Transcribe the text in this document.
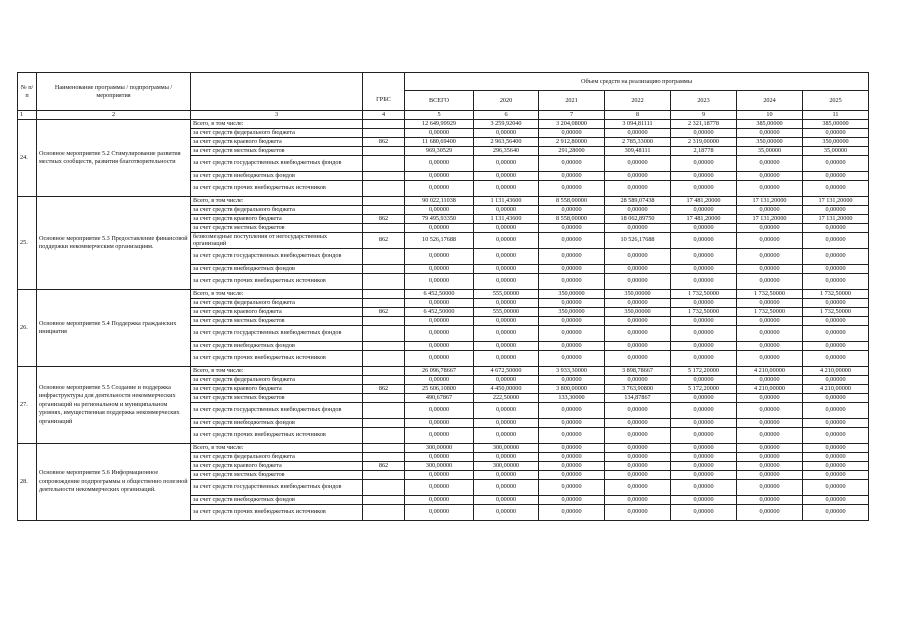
№ п/п	Наименование программы / подпрограммы / мероприятия			Объем средств на реализацию программы						
			ГРБС	ВСЕГО	2020	2021	2022	2023	2024	2025
1	2	3	4	5	6	7	8	9	10	11
24.	Основное мероприятие 5.2 Стимулирование развития местных сообществ, развития благотворительности	Всего, в том числе:		12 649,99929	3 259,92040	3 204,08000	3 094,81111	2 321,18778	385,00000	385,00000
		за счет средств федерального бюджета		0,00000	0,00000	0,00000	0,00000	0,00000	0,00000	0,00000
		за счет средств краевого бюджета	862	11 680,69400	2 963,56400	2 912,80000	2 785,33000	2 319,00000	350,00000	350,00000
		за счет средств местных бюджетов		969,30529	296,35640	291,28000	309,48111	2,18778	35,00000	35,00000
		за счет средств государственных внебюджетных фондов		0,00000	0,00000	0,00000	0,00000	0,00000	0,00000	0,00000
		за счет средств внебюджетных фондов		0,00000	0,00000	0,00000	0,00000	0,00000	0,00000	0,00000
		за счет средств прочих внебюджетных источников		0,00000	0,00000	0,00000	0,00000	0,00000	0,00000	0,00000
25.	Основное мероприятие 5.3 Предоставление финансовой поддержки некоммерческим организациям.	Всего, в том числе:		90 022,11038	1 131,43600	8 558,00000	28 589,07438	17 481,20000	17 131,20000	17 131,20000
		за счет средств федерального бюджета		0,00000	0,00000	0,00000	0,00000	0,00000	0,00000	0,00000
		за счет средств краевого бюджета	862	79 495,93350	1 131,43600	8 558,00000	18 062,89750	17 481,20000	17 131,20000	17 131,20000
		за счет средств местных бюджетов		0,00000	0,00000	0,00000	0,00000	0,00000	0,00000	0,00000
		безвозмездные поступления от негосударственных организаций	862	10 526,17688	0,00000	0,00000	10 526,17688	0,00000	0,00000	0,00000
		за счет средств государственных внебюджетных фондов		0,00000	0,00000	0,00000	0,00000	0,00000	0,00000	0,00000
		за счет средств внебюджетных фондов		0,00000	0,00000	0,00000	0,00000	0,00000	0,00000	0,00000
		за счет средств прочих внебюджетных источников		0,00000	0,00000	0,00000	0,00000	0,00000	0,00000	0,00000
26.	Основное мероприятие 5.4 Поддержка гражданских инициатив	Всего, в том числе:		6 452,50000	555,00000	350,00000	350,00000	1 732,50000	1 732,50000	1 732,50000
		за счет средств федерального бюджета		0,00000	0,00000	0,00000	0,00000	0,00000	0,00000	0,00000
		за счет средств краевого бюджета	862	6 452,50000	555,00000	350,00000	350,00000	1 732,50000	1 732,50000	1 732,50000
		за счет средств местных бюджетов		0,00000	0,00000	0,00000	0,00000	0,00000	0,00000	0,00000
		за счет средств государственных внебюджетных фондов		0,00000	0,00000	0,00000	0,00000	0,00000	0,00000	0,00000
		за счет средств внебюджетных фондов		0,00000	0,00000	0,00000	0,00000	0,00000	0,00000	0,00000
		за счет средств прочих внебюджетных источников		0,00000	0,00000	0,00000	0,00000	0,00000	0,00000	0,00000
27.	Основное мероприятие 5.5 Создание и поддержка инфраструктуры для деятельности некоммерческих организаций на региональном и муниципальном уровнях, имущественная поддержка некоммерческих организаций	Всего, в том числе:		26 096,78667	4 672,50000	3 933,30000	3 898,78667	5 172,20000	4 210,00000	4 210,00000
		за счет средств федерального бюджета		0,00000	0,00000	0,00000	0,00000	0,00000	0,00000	0,00000
		за счет средств краевого бюджета	862	25 606,10800	4 450,00000	3 800,00000	3 763,90800	5 172,20000	4 210,00000	4 210,00000
		за счет средств местных бюджетов		490,67867	222,50000	133,30000	134,87867	0,00000	0,00000	0,00000
		за счет средств государственных внебюджетных фондов		0,00000	0,00000	0,00000	0,00000	0,00000	0,00000	0,00000
		за счет средств внебюджетных фондов		0,00000	0,00000	0,00000	0,00000	0,00000	0,00000	0,00000
		за счет средств прочих внебюджетных источников		0,00000	0,00000	0,00000	0,00000	0,00000	0,00000	0,00000
28.	Основное мероприятие 5.6 Информационное сопровождение подпрограммы и общественно полезной деятельности некоммерческих организаций.	Всего, в том числе:		300,00000	300,00000	0,00000	0,00000	0,00000	0,00000	0,00000
		за счет средств федерального бюджета		0,00000	0,00000	0,00000	0,00000	0,00000	0,00000	0,00000
		за счет средств краевого бюджета	862	300,00000	300,00000	0,00000	0,00000	0,00000	0,00000	0,00000
		за счет средств местных бюджетов		0,00000	0,00000	0,00000	0,00000	0,00000	0,00000	0,00000
		за счет средств государственных внебюджетных фондов		0,00000	0,00000	0,00000	0,00000	0,00000	0,00000	0,00000
		за счет средств внебюджетных фондов		0,00000	0,00000	0,00000	0,00000	0,00000	0,00000	0,00000
		за счет средств прочих внебюджетных источников		0,00000	0,00000	0,00000	0,00000	0,00000	0,00000	0,00000
